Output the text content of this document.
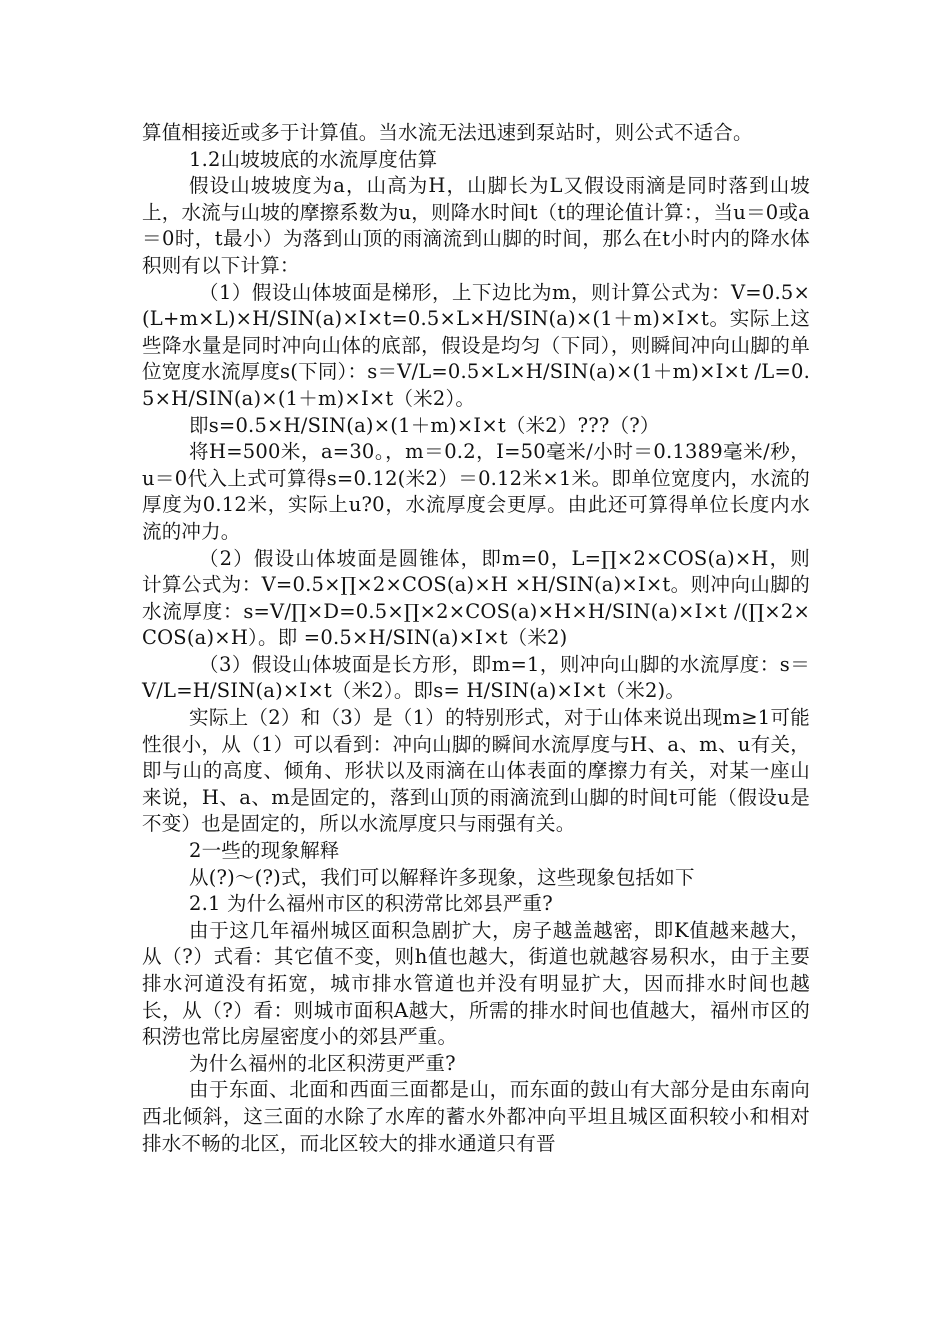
算值相接近或多于计算值。当水流无法迅速到泵站时，则公式不适合。

1.2山坡坡底的水流厚度估算

假设山坡坡度为a，山高为H，山脚长为L又假设雨滴是同时落到山坡上，水流与山坡的摩擦系数为u，则降水时间t（t的理论值计算：，当u＝0或a＝0时，t最小）为落到山顶的雨滴流到山脚的时间，那么在t小时内的降水体积则有以下计算：

（1）假设山体坡面是梯形，上下边比为m，则计算公式为：V=0.5×(L+m×L)×H/SIN(a)×I×t=0.5×L×H/SIN(a)×(1＋m)×I×t。实际上这些降水量是同时冲向山体的底部，假设是均匀（下同），则瞬间冲向山脚的单位宽度水流厚度s(下同）：s＝V/L=0.5×L×H/SIN(a)×(1＋m)×I×t /L=0.5×H/SIN(a)×(1＋m)×I×t（米2）。

即s=0.5×H/SIN(a)×(1＋m)×I×t（米2）???（?）

将H=500米，a=30。，m＝0.2，I=50毫米/小时＝0.1389毫米/秒，u＝0代入上式可算得s=0.12(米2）＝0.12米×1米。即单位宽度内，水流的厚度为0.12米，实际上u?0，水流厚度会更厚。由此还可算得单位长度内水流的冲力。

（2）假设山体坡面是圆锥体，即m=0，L=∏×2×COS(a)×H，则计算公式为：V=0.5×∏×2×COS(a)×H ×H/SIN(a)×I×t。则冲向山脚的水流厚度：s=V/∏×D=0.5×∏×2×COS(a)×H×H/SIN(a)×I×t /(∏×2×COS(a)×H）。即 =0.5×H/SIN(a)×I×t（米2)

（3）假设山体坡面是长方形，即m=1，则冲向山脚的水流厚度：s＝V/L=H/SIN(a)×I×t（米2）。即s= H/SIN(a)×I×t（米2)。

实际上（2）和（3）是（1）的特别形式，对于山体来说出现m≥1可能性很小，从（1）可以看到：冲向山脚的瞬间水流厚度与H、a、m、u有关，即与山的高度、倾角、形状以及雨滴在山体表面的摩擦力有关，对某一座山来说，H、a、m是固定的，落到山顶的雨滴流到山脚的时间t可能（假设u是不变）也是固定的，所以水流厚度只与雨强有关。

2一些的现象解释

从(?)～(?)式，我们可以解释许多现象，这些现象包括如下

2.1 为什么福州市区的积涝常比郊县严重?

由于这几年福州城区面积急剧扩大，房子越盖越密，即K值越来越大，从（?）式看：其它值不变，则h值也越大，街道也就越容易积水，由于主要排水河道没有拓宽，城市排水管道也并没有明显扩大，因而排水时间也越长，从（?）看：则城市面积A越大，所需的排水时间也值越大，福州市区的积涝也常比房屋密度小的郊县严重。

为什么福州的北区积涝更严重?

由于东面、北面和西面三面都是山，而东面的鼓山有大部分是由东南向西北倾斜，这三面的水除了水库的蓄水外都冲向平坦且城区面积较小和相对排水不畅的北区，而北区较大的排水通道只有晋
